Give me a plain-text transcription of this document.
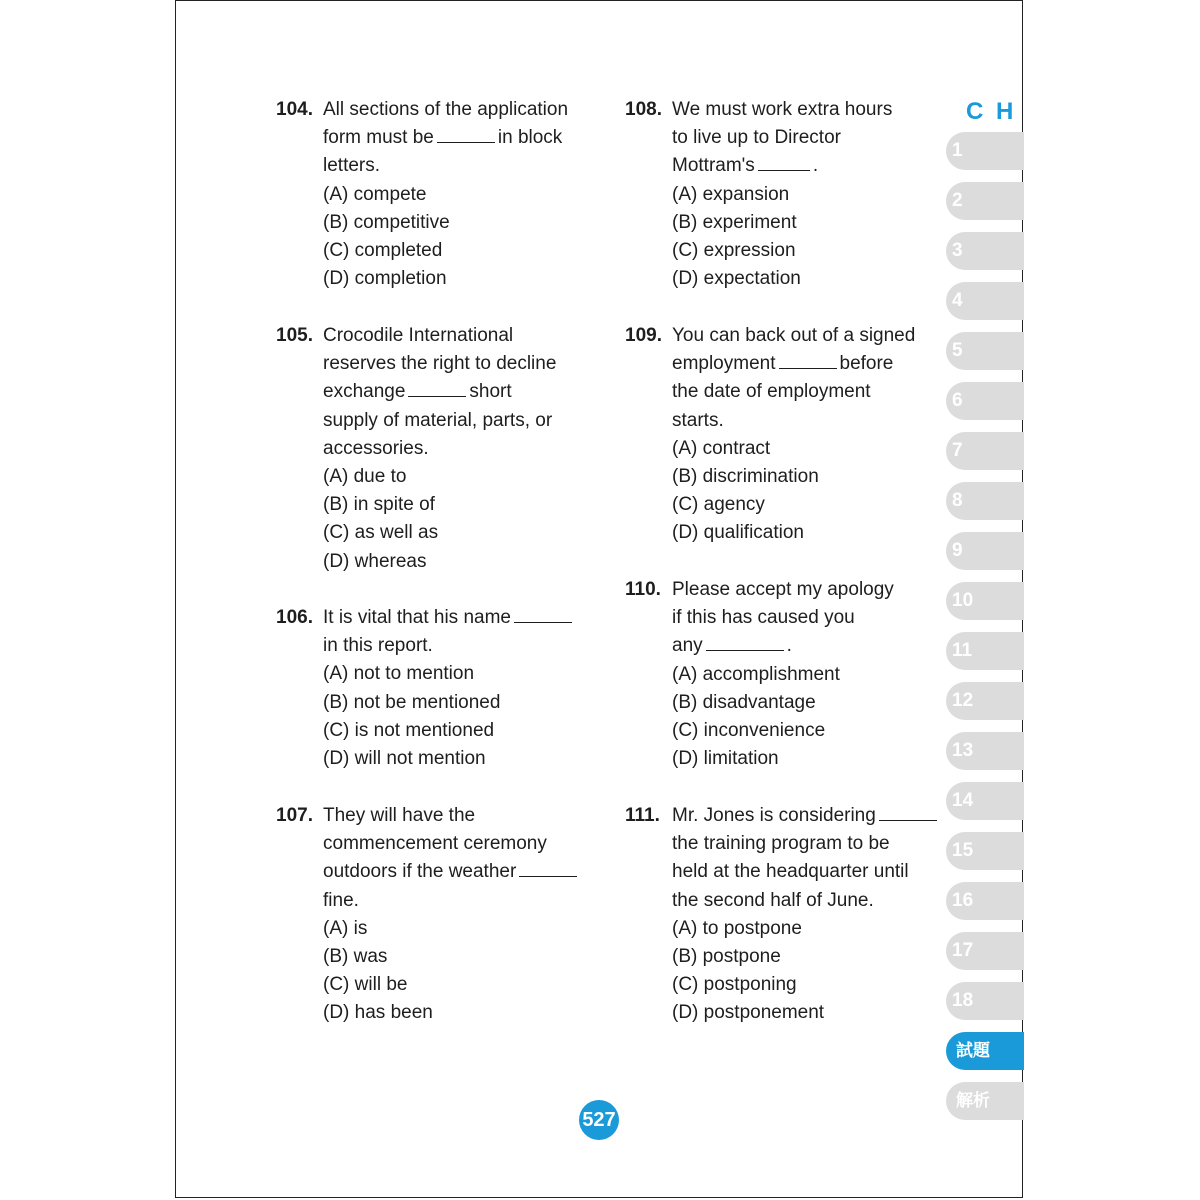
104. All sections of the application
form must be	in block
letters.
(A) compete
(B) competitive
(C) completed
(D) completion
105. Crocodile International
reserves the right to decline
exchange	short
supply of material, parts, or
accessories.
(A) due to
(B) in spite of
(C) as well as
(D) whereas
106. It is vital that his name
in this report.
(A) not to mention
(B) not be mentioned
(C) is not mentioned
(D) will not mention
107. They will have the
commencement ceremony
outdoors if the weather
fine.
(A) is
(B) was
(C) will be
(D) has been
108. We must work extra hours
to live up to Director
Mottram's	.
(A) expansion
(B) experiment
(C) expression
(D) expectation
109. You can back out of a signed
employment	before
the date of employment
starts.
(A) contract
(B) discrimination
(C) agency
(D) qualification
110. Please accept my apology
if this has caused you
any	.
(A) accomplishment
(B) disadvantage
(C) inconvenience
(D) limitation
111. Mr. Jones is considering
the training program to be
held at the headquarter until
the second half of June.
(A) to postpone
(B) postpone
(C) postponing
(D) postponement
C H
1
2
3
4
5
6
7
8
9
10
11
12
13
14
15
16
17
18
試題
解析
527
